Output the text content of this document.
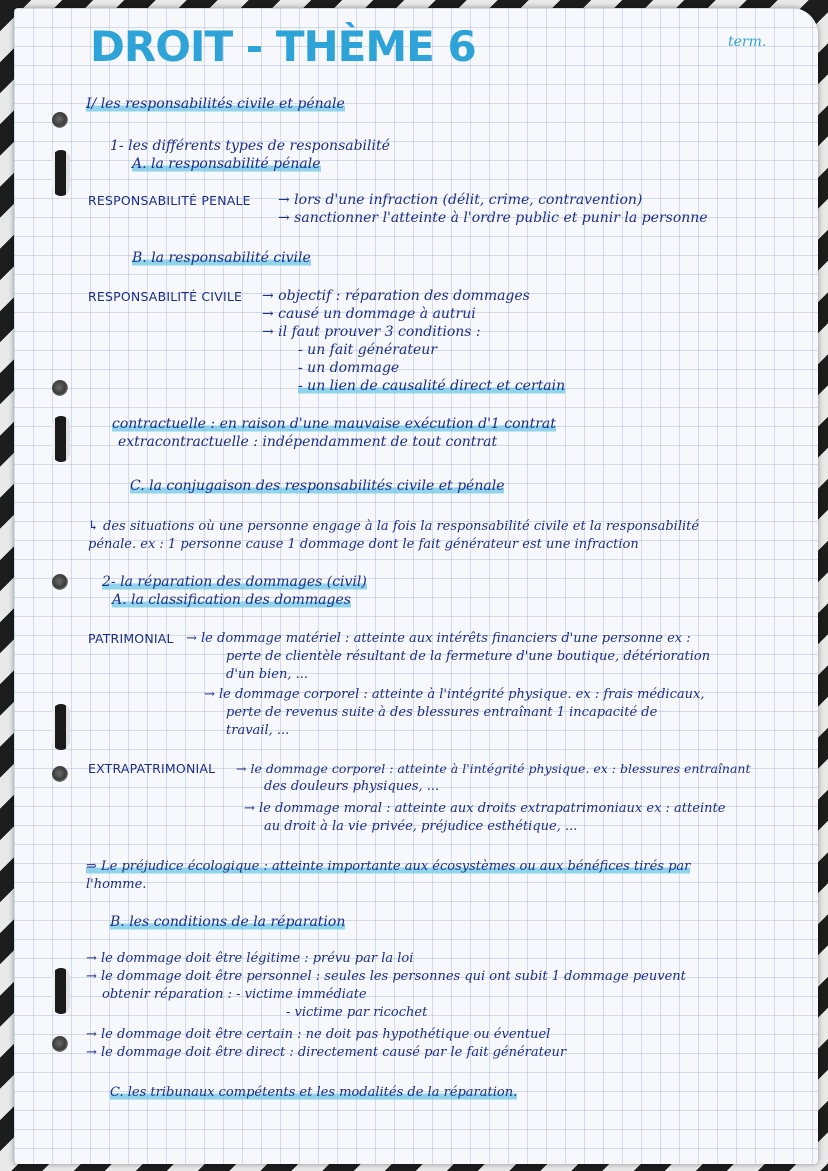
DROIT - THÈME 6	term.
I/ les responsabilités civile et pénale
1- les différents types de responsabilité
A. la responsabilité pénale
RESPONSABILITÉ PENALE → lors d'une infraction (délit, crime, contravention)
→ sanctionner l'atteinte à l'ordre public et punir la personne
B. la responsabilité civile
RESPONSABILITÉ CIVILE → objectif : réparation des dommages
→ causé un dommage à autrui
→ il faut prouver 3 conditions :
- un fait générateur
- un dommage
- un lien de causalité direct et certain
contractuelle : en raison d'une mauvaise exécution d'1 contrat
extracontractuelle : indépendamment de tout contrat
C. la conjugaison des responsabilités civile et pénale
↳ des situations où une personne engage à la fois la responsabilité civile et la responsabilité
pénale. ex : 1 personne cause 1 dommage dont le fait générateur est une infraction
2- la réparation des dommages (civil)
A. la classification des dommages
PATRIMONIAL → le dommage matériel : atteinte aux intérêts financiers d'une personne ex :
perte de clientèle résultant de la fermeture d'une boutique, détérioration
d'un bien, ...
→ le dommage corporel : atteinte à l'intégrité physique. ex : frais médicaux,
perte de revenus suite à des blessures entraînant 1 incapacité de
travail, ...
EXTRAPATRIMONIAL → le dommage corporel : atteinte à l'intégrité physique. ex : blessures entraînant
des douleurs physiques, ...
→ le dommage moral : atteinte aux droits extrapatrimoniaux ex : atteinte
au droit à la vie privée, préjudice esthétique, ...
⇒ Le préjudice écologique : atteinte importante aux écosystèmes ou aux bénéfices tirés par
l'homme.
B. les conditions de la réparation
→ le dommage doit être légitime : prévu par la loi
→ le dommage doit être personnel : seules les personnes qui ont subit 1 dommage peuvent
obtenir réparation : - victime immédiate
- victime par ricochet
→ le dommage doit être certain : ne doit pas hypothétique ou éventuel
→ le dommage doit être direct : directement causé par le fait générateur
C. les tribunaux compétents et les modalités de la réparation.
